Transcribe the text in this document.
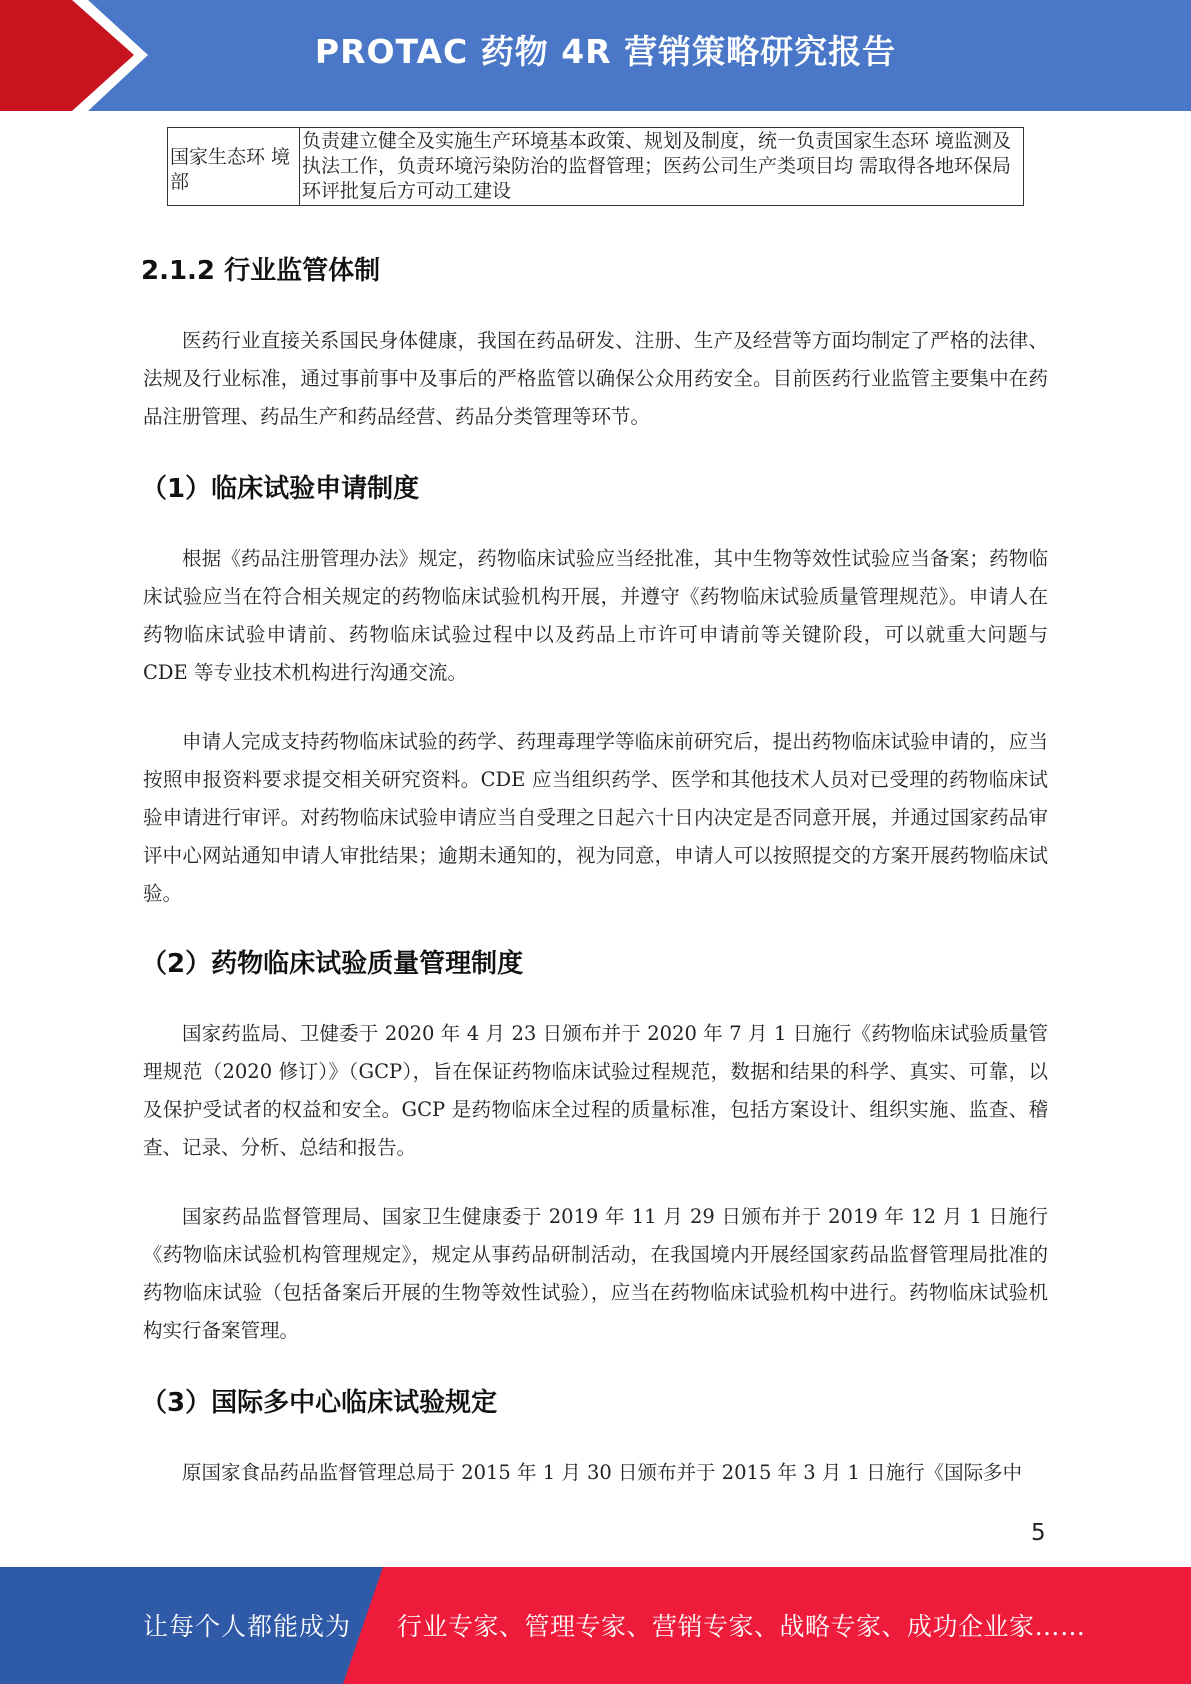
PROTAC 药物 4R 营销策略研究报告
国家生态环 境部	负责建立健全及实施生产环境基本政策、规划及制度，统一负责国家生态环 境监测及执法工作，负责环境污染防治的监督管理；医药公司生产类项目均 需取得各地环保局环评批复后方可动工建设
2.1.2 行业监管体制

医药行业直接关系国民身体健康，我国在药品研发、注册、生产及经营等方面均制定了严格的法律、法规及行业标准，通过事前事中及事后的严格监管以确保公众用药安全。目前医药行业监管主要集中在药品注册管理、药品生产和药品经营、药品分类管理等环节。

（1）临床试验申请制度

根据《药品注册管理办法》规定，药物临床试验应当经批准，其中生物等效性试验应当备案；药物临床试验应当在符合相关规定的药物临床试验机构开展，并遵守《药物临床试验质量管理规范》。申请人在药物临床试验申请前、药物临床试验过程中以及药品上市许可申请前等关键阶段，可以就重大问题与 CDE 等专业技术机构进行沟通交流。

申请人完成支持药物临床试验的药学、药理毒理学等临床前研究后，提出药物临床试验申请的，应当按照申报资料要求提交相关研究资料。CDE 应当组织药学、医学和其他技术人员对已受理的药物临床试验申请进行审评。对药物临床试验申请应当自受理之日起六十日内决定是否同意开展，并通过国家药品审评中心网站通知申请人审批结果；逾期未通知的，视为同意，申请人可以按照提交的方案开展药物临床试验。

（2）药物临床试验质量管理制度

国家药监局、卫健委于 2020 年 4 月 23 日颁布并于 2020 年 7 月 1 日施行《药物临床试验质量管理规范（2020 修订）》（GCP），旨在保证药物临床试验过程规范，数据和结果的科学、真实、可靠，以及保护受试者的权益和安全。GCP 是药物临床全过程的质量标准，包括方案设计、组织实施、监查、稽查、记录、分析、总结和报告。

国家药品监督管理局、国家卫生健康委于 2019 年 11 月 29 日颁布并于 2019 年 12 月 1 日施行《药物临床试验机构管理规定》，规定从事药品研制活动，在我国境内开展经国家药品监督管理局批准的药物临床试验（包括备案后开展的生物等效性试验），应当在药物临床试验机构中进行。药物临床试验机构实行备案管理。

（3）国际多中心临床试验规定

原国家食品药品监督管理总局于 2015 年 1 月 30 日颁布并于 2015 年 3 月 1 日施行《国际多中

5
让每个人都能成为 行业专家、管理专家、营销专家、战略专家、成功企业家……
